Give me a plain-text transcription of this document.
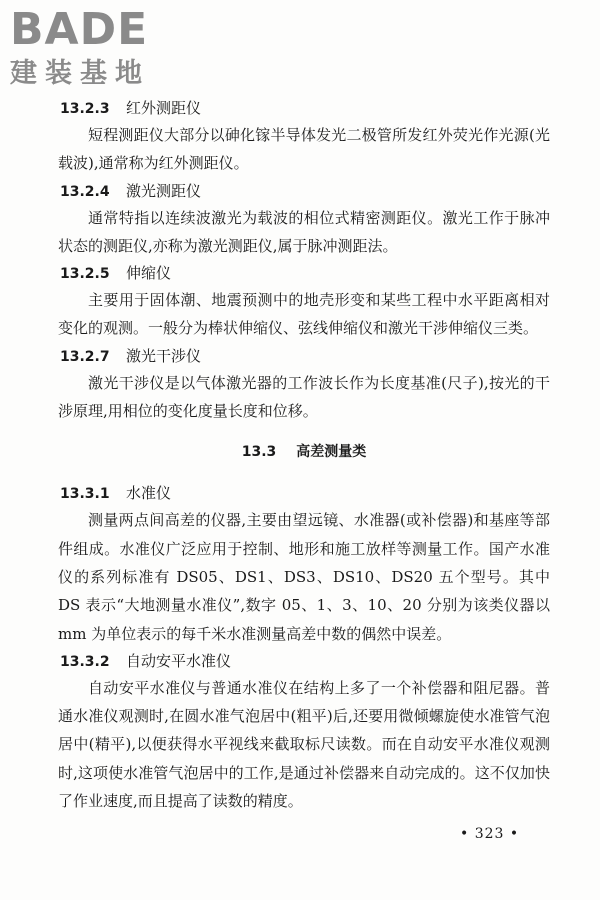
BADE
建装基地
13.2.3 红外测距仪

短程测距仪大部分以砷化镓半导体发光二极管所发红外荧光作光源(光载波),通常称为红外测距仪。

13.2.4 激光测距仪

通常特指以连续波激光为载波的相位式精密测距仪。激光工作于脉冲状态的测距仪,亦称为激光测距仪,属于脉冲测距法。

13.2.5 伸缩仪

主要用于固体潮、地震预测中的地壳形变和某些工程中水平距离相对变化的观测。一般分为棒状伸缩仪、弦线伸缩仪和激光干涉伸缩仪三类。

13.2.7 激光干涉仪

激光干涉仪是以气体激光器的工作波长作为长度基准(尺子),按光的干涉原理,用相位的变化度量长度和位移。

13.3 高差测量类
13.3.1 水准仪

测量两点间高差的仪器,主要由望远镜、水准器(或补偿器)和基座等部件组成。水准仪广泛应用于控制、地形和施工放样等测量工作。国产水准仪的系列标准有 DS05、DS1、DS3、DS10、DS20 五个型号。其中 DS 表示“大地测量水准仪”,数字 05、1、3、10、20 分别为该类仪器以 mm 为单位表示的每千米水准测量高差中数的偶然中误差。

13.3.2 自动安平水准仪

自动安平水准仪与普通水准仪在结构上多了一个补偿器和阻尼器。普通水准仪观测时,在圆水准气泡居中(粗平)后,还要用微倾螺旋使水准管气泡居中(精平),以便获得水平视线来截取标尺读数。而在自动安平水准仪观测时,这项使水准管气泡居中的工作,是通过补偿器来自动完成的。这不仅加快了作业速度,而且提高了读数的精度。

• 323 •
